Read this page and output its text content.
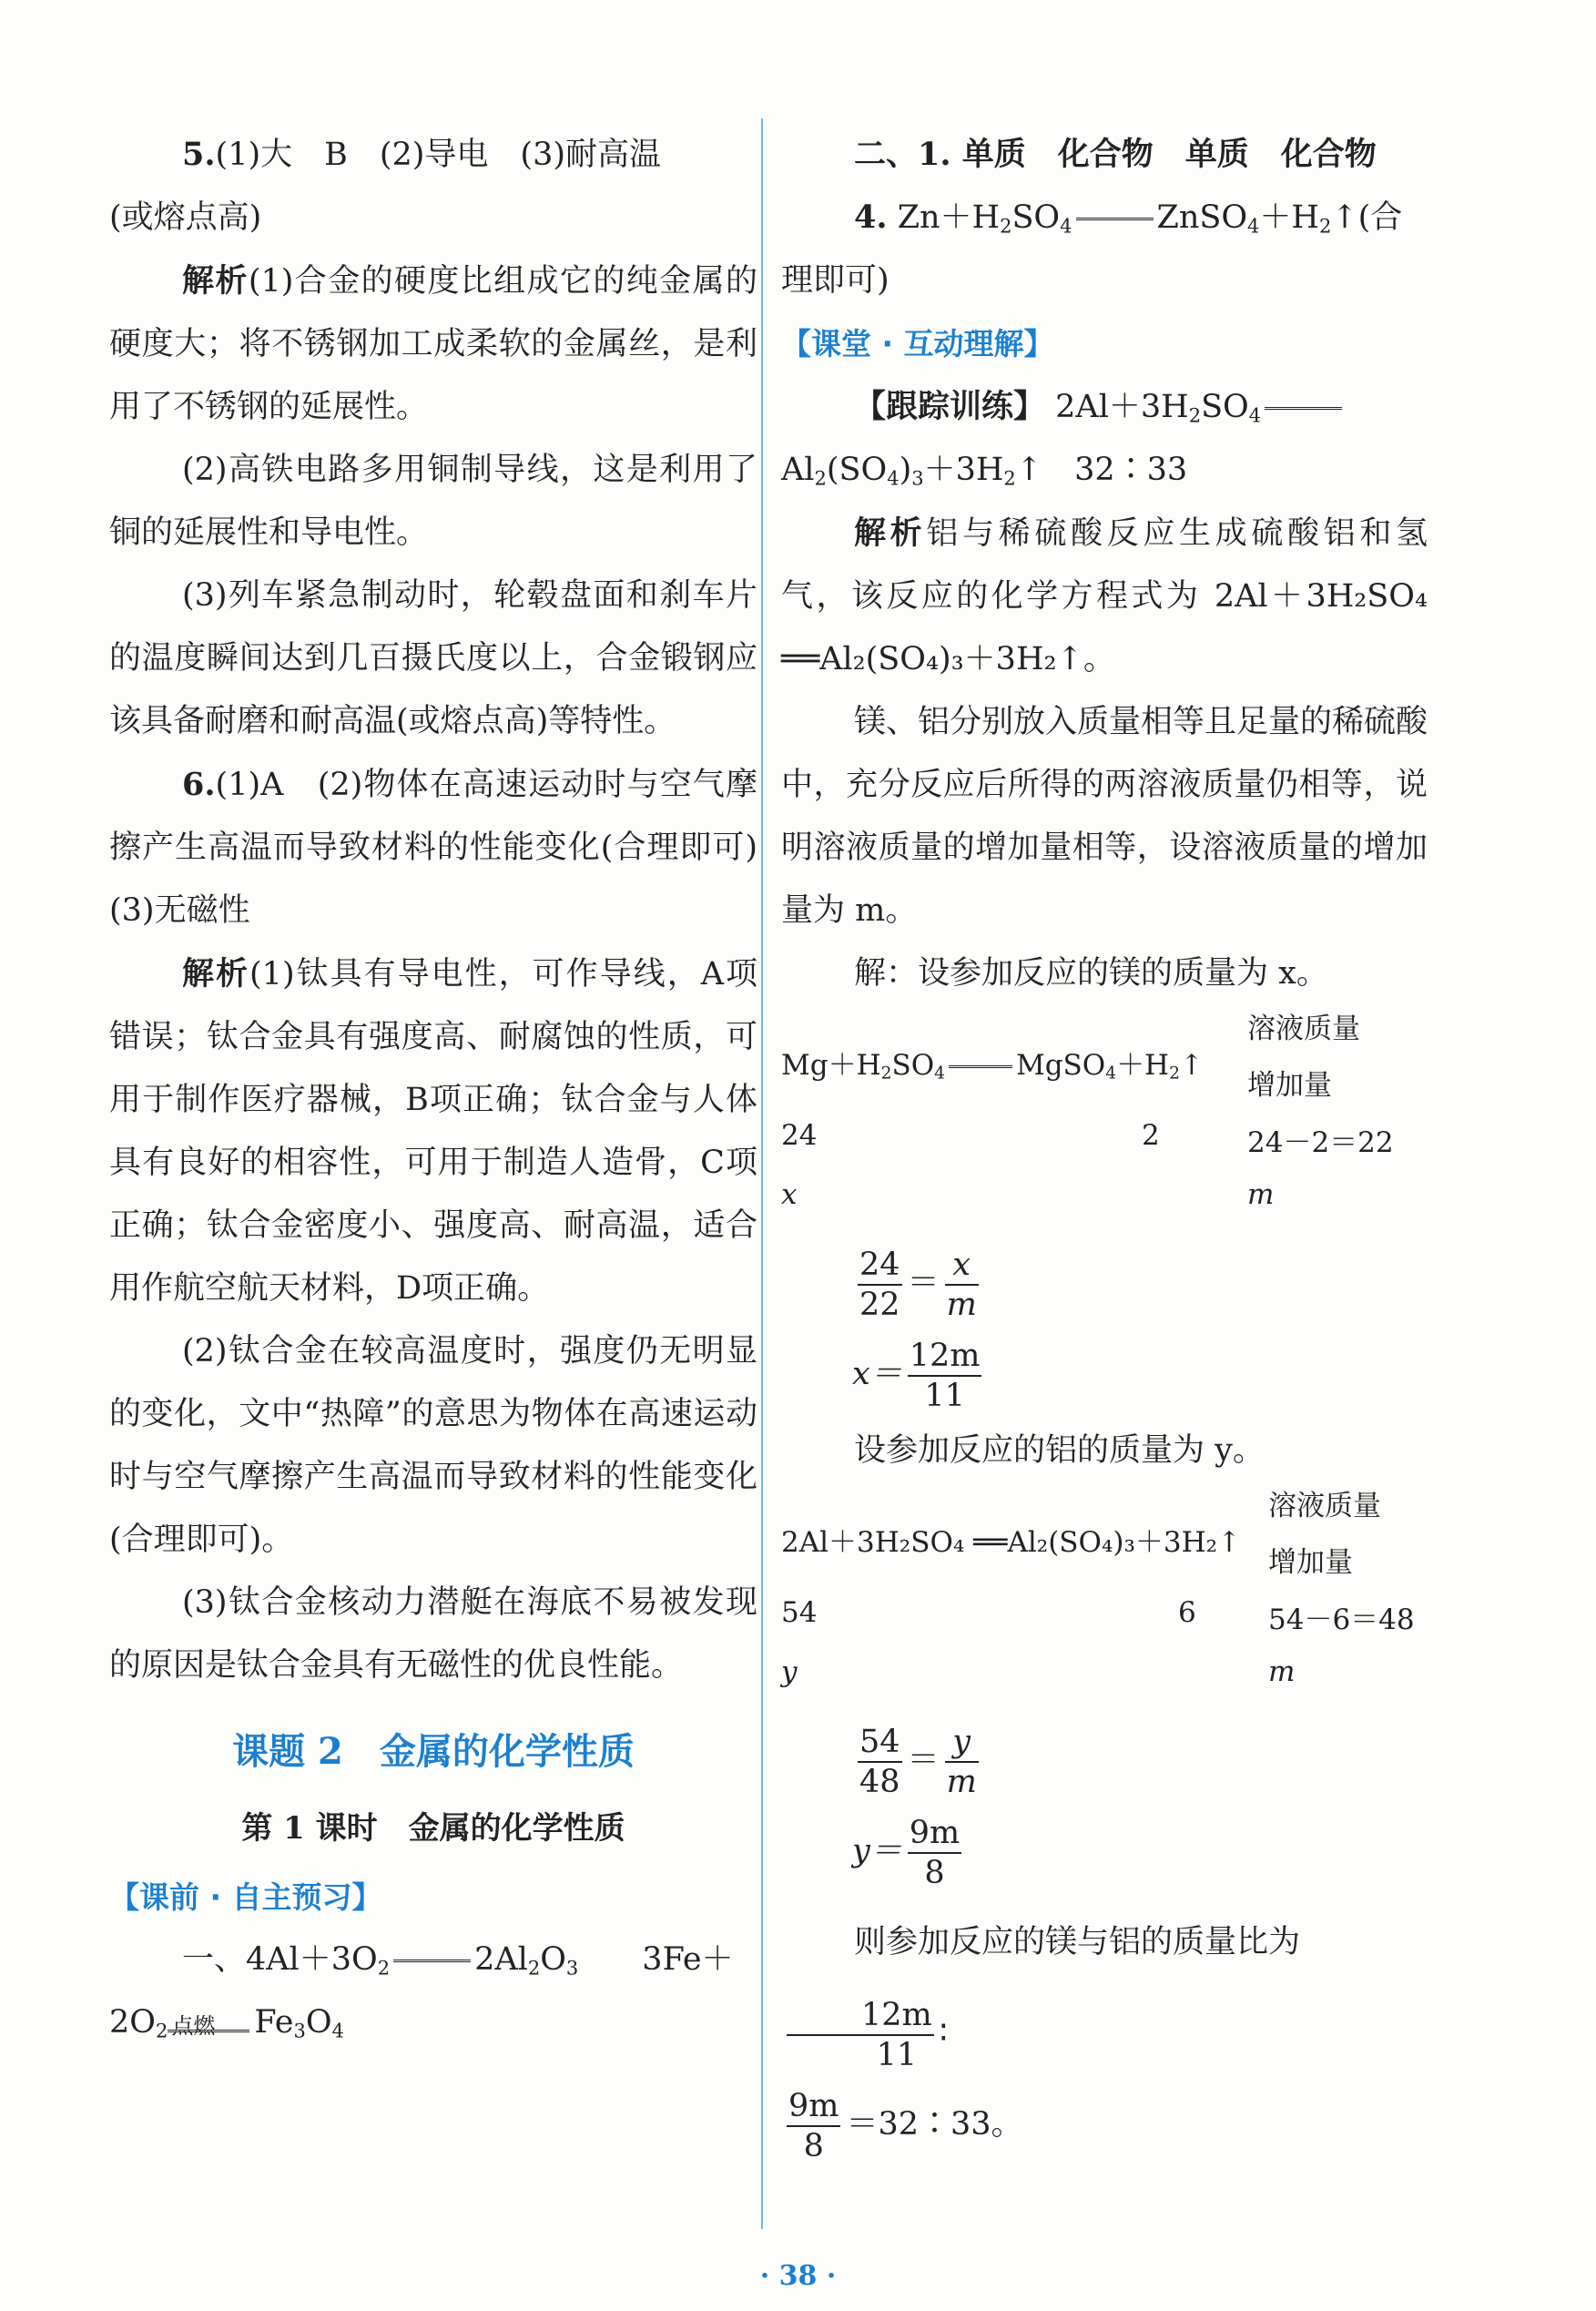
5.(1)大　B　(2)导电　(3)耐高温

(或熔点高)

解析(1)合金的硬度比组成它的纯金属的硬度大；将不锈钢加工成柔软的金属丝，是利用了不锈钢的延展性。

(2)高铁电路多用铜制导线，这是利用了铜的延展性和导电性。

(3)列车紧急制动时，轮毂盘面和刹车片的温度瞬间达到几百摄氏度以上，合金锻钢应该具备耐磨和耐高温(或熔点高)等特性。

6.(1)A　(2)物体在高速运动时与空气摩擦产生高温而导致材料的性能变化(合理即可)　(3)无磁性

解析(1)钛具有导电性，可作导线，A项错误；钛合金具有强度高、耐腐蚀的性质，可用于制作医疗器械，B项正确；钛合金与人体具有良好的相容性，可用于制造人造骨，C项正确；钛合金密度小、强度高、耐高温，适合用作航空航天材料，D项正确。

(2)钛合金在较高温度时，强度仍无明显的变化，文中“热障”的意思为物体在高速运动时与空气摩擦产生高温而导致材料的性能变化(合理即可)。

(3)钛合金核动力潜艇在海底不易被发现的原因是钛合金具有无磁性的优良性能。

课题 2　金属的化学性质
第 1 课时　金属的化学性质
【课前 · 自主预习】

一、$4Al+3O_2$	$2Al_2O_3$　　 3Fe＋

$2O_2$ 点燃 $Fe_3O_4$

二、1. 单质　化合物　单质　化合物

4. $Zn+H_2SO_4$	$ZnSO_4+H_2↑$(合理即可)

【课堂 · 互动理解】

【跟踪训练】 $2Al+3H_2SO_4Al_2(SO_4)_3+3H_2↑$　32∶33

解析铝与稀硫酸反应生成硫酸铝和氢气，该反应的化学方程式为 2Al＋3H₂SO₄ ══Al₂(SO₄)₃＋3H₂↑。

镁、铝分别放入质量相等且足量的稀硫酸中，充分反应后所得的两溶液质量仍相等，说明溶液质量的增加量相等，设溶液质量的增加量为 m。

解：设参加反应的镁的质量为 x。

$Mg+H_2SO_4$	$MgSO_4+H_2↑$
溶液质量
增加量
24	2	24－2＝22
x	m
$\frac{24}{22} = \frac{x}{m}$
$x= \frac{12m}{11}$

设参加反应的铝的质量为 y。

2Al＋3H₂SO₄ ══Al₂(SO₄)₃＋3H₂↑
溶液质量
增加量
54	6	54－6＝48
y	m
$\frac{54}{48} = \frac{y}{m}$
$y= \frac{9m}{8}$

则参加反应的镁与铝的质量比为
$\frac{12m}{11}$ ∶

$\frac{9m}{8}$ ＝32∶33。

· 38 ·
